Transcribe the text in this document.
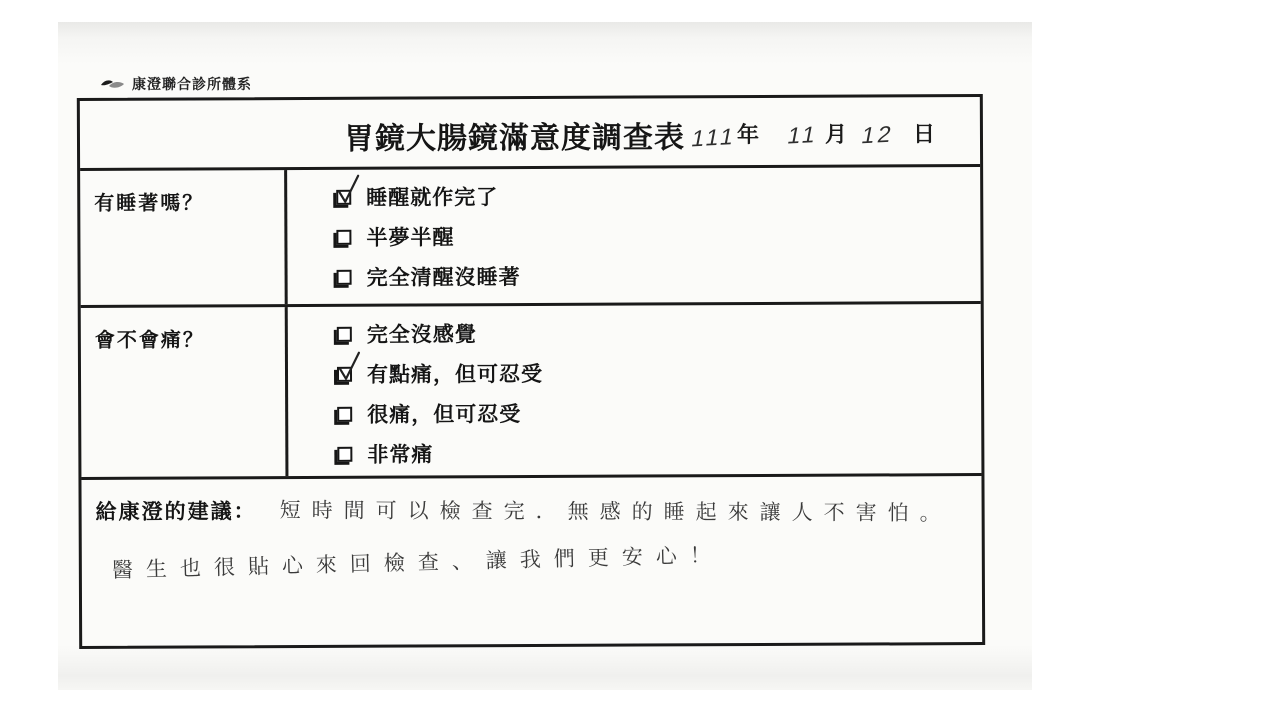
康澄聯合診所體系
胃鏡大腸鏡滿意度調查表 111
年 11 月 12 日
有睡著嗎？	睡醒就作完了
半夢半醒
完全清醒沒睡著
會不會痛？	完全沒感覺
有點痛，但可忍受
很痛，但可忍受
非常痛
給康澄的建議： 短時間可以檢查完．無感的睡起來讓人不害怕。
醫生也很貼心來回檢查、讓我們更安心！
